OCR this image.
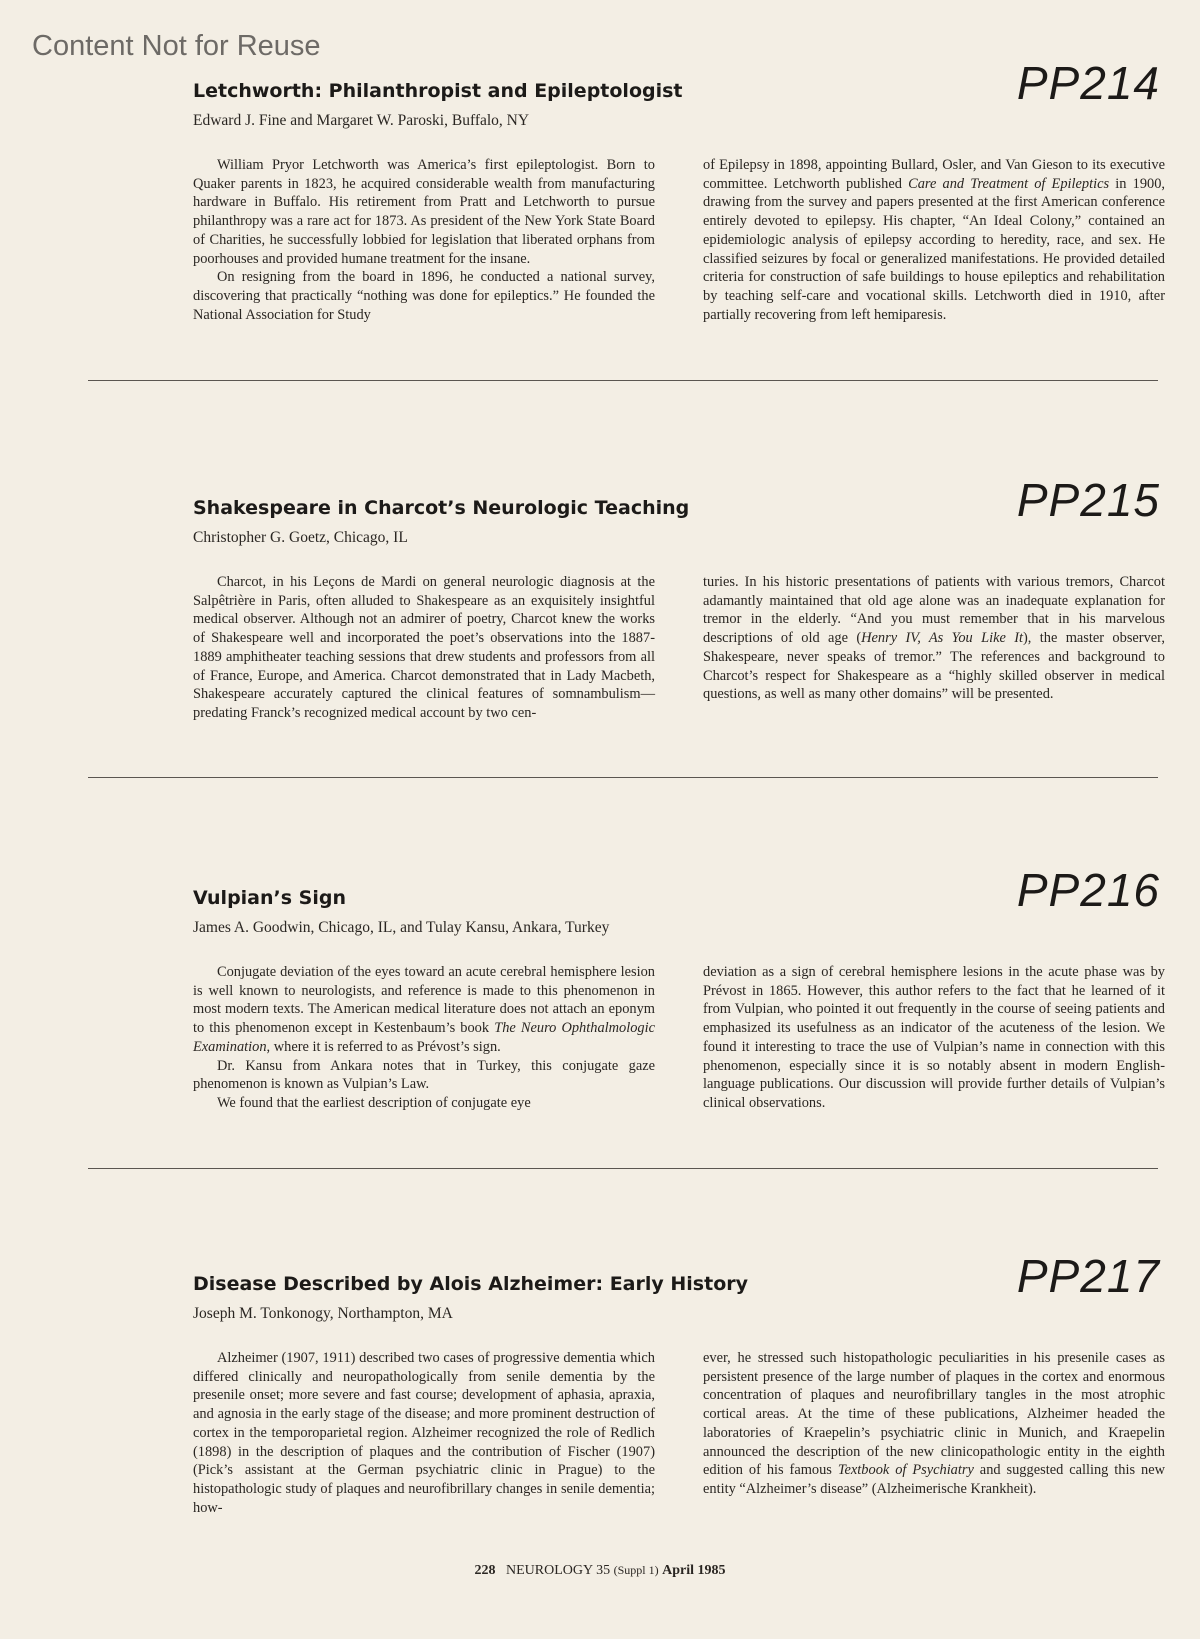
Content Not for Reuse
Letchworth: Philanthropist and Epileptologist	PP214
Edward J. Fine and Margaret W. Paroski, Buffalo, NY

William Pryor Letchworth was America’s first epileptologist. Born to Quaker parents in 1823, he acquired considerable wealth from manufacturing hardware in Buffalo. His retirement from Pratt and Letchworth to pursue philanthropy was a rare act for 1873. As president of the New York State Board of Charities, he successfully lobbied for legislation that liberated orphans from poorhouses and provided humane treatment for the insane.

On resigning from the board in 1896, he conducted a national survey, discovering that practically “nothing was done for epileptics.” He founded the National Association for Study

of Epilepsy in 1898, appointing Bullard, Osler, and Van Gieson to its executive committee. Letchworth published Care and Treatment of Epileptics in 1900, drawing from the survey and papers presented at the first American conference entirely devoted to epilepsy. His chapter, “An Ideal Colony,” contained an epidemiologic analysis of epilepsy according to heredity, race, and sex. He classified seizures by focal or generalized manifestations. He provided detailed criteria for construction of safe buildings to house epileptics and rehabilitation by teaching self-care and vocational skills. Letchworth died in 1910, after partially recovering from left hemiparesis.

Shakespeare in Charcot’s Neurologic Teaching	PP215
Christopher G. Goetz, Chicago, IL

Charcot, in his Leçons de Mardi on general neurologic diagnosis at the Salpêtrière in Paris, often alluded to Shakespeare as an exquisitely insightful medical observer. Although not an admirer of poetry, Charcot knew the works of Shakespeare well and incorporated the poet’s observations into the 1887-1889 amphitheater teaching sessions that drew students and professors from all of France, Europe, and America. Charcot demonstrated that in Lady Macbeth, Shakespeare accurately captured the clinical features of somnambulism—predating Franck’s recognized medical account by two cen-

turies. In his historic presentations of patients with various tremors, Charcot adamantly maintained that old age alone was an inadequate explanation for tremor in the elderly. “And you must remember that in his marvelous descriptions of old age (Henry IV, As You Like It), the master observer, Shakespeare, never speaks of tremor.” The references and background to Charcot’s respect for Shakespeare as a “highly skilled observer in medical questions, as well as many other domains” will be presented.

Vulpian’s Sign	PP216
James A. Goodwin, Chicago, IL, and Tulay Kansu, Ankara, Turkey

Conjugate deviation of the eyes toward an acute cerebral hemisphere lesion is well known to neurologists, and reference is made to this phenomenon in most modern texts. The American medical literature does not attach an eponym to this phenomenon except in Kestenbaum’s book The Neuro Ophthalmologic Examination, where it is referred to as Prévost’s sign.

Dr. Kansu from Ankara notes that in Turkey, this conjugate gaze phenomenon is known as Vulpian’s Law.

We found that the earliest description of conjugate eye

deviation as a sign of cerebral hemisphere lesions in the acute phase was by Prévost in 1865. However, this author refers to the fact that he learned of it from Vulpian, who pointed it out frequently in the course of seeing patients and emphasized its usefulness as an indicator of the acuteness of the lesion. We found it interesting to trace the use of Vulpian’s name in connection with this phenomenon, especially since it is so notably absent in modern English-language publications. Our discussion will provide further details of Vulpian’s clinical observations.

Disease Described by Alois Alzheimer: Early History	PP217
Joseph M. Tonkonogy, Northampton, MA

Alzheimer (1907, 1911) described two cases of progressive dementia which differed clinically and neuropathologically from senile dementia by the presenile onset; more severe and fast course; development of aphasia, apraxia, and agnosia in the early stage of the disease; and more prominent destruction of cortex in the temporoparietal region. Alzheimer recognized the role of Redlich (1898) in the description of plaques and the contribution of Fischer (1907) (Pick’s assistant at the German psychiatric clinic in Prague) to the histopathologic study of plaques and neurofibrillary changes in senile dementia; how-

ever, he stressed such histopathologic peculiarities in his presenile cases as persistent presence of the large number of plaques in the cortex and enormous concentration of plaques and neurofibrillary tangles in the most atrophic cortical areas. At the time of these publications, Alzheimer headed the laboratories of Kraepelin’s psychiatric clinic in Munich, and Kraepelin announced the description of the new clinicopathologic entity in the eighth edition of his famous Textbook of Psychiatry and suggested calling this new entity “Alzheimer’s disease” (Alzheimerische Krankheit).

228 NEUROLOGY 35 (Suppl 1) April 1985
